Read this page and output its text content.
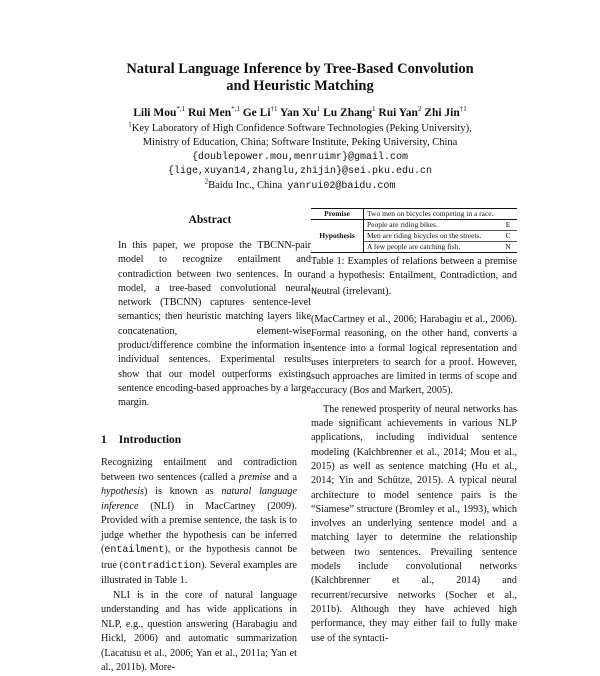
Natural Language Inference by Tree-Based Convolution
and Heuristic Matching
Lili Mou$^{*,1}$ Rui Men$^{*,1}$ Ge Li$^{\dagger 1}$ Yan Xu$^1$ Lu Zhang$^1$ Rui Yan$^2$ Zhi Jin$^{\dagger 1}$
$^1$Key Laboratory of High Confidence Software Technologies (Peking University),
Ministry of Education, China; Software Institute, Peking University, China
{doublepower.mou,menruimr}@gmail.com
{lige,xuyan14,zhanglu,zhijin}@sei.pku.edu.cn
$^2$Baidu Inc., China yanrui02@baidu.com
Abstract
In this paper, we propose the TBCNN-pair model to recognize entailment and contradiction between two sentences. In our model, a tree-based convolutional neural network (TBCNN) captures sentence-level semantics; then heuristic matching layers like concatenation, element-wise product/difference combine the information in individual sentences. Experimental results show that our model outperforms existing sentence encoding-based approaches by a large margin.
1 Introduction

Recognizing entailment and contradiction between two sentences (called a premise and a hypothesis) is known as natural language inference (NLI) in MacCartney (2009). Provided with a premise sentence, the task is to judge whether the hypothesis can be inferred (entailment), or the hypothesis cannot be true (contradiction). Several examples are illustrated in Table 1.

NLI is in the core of natural language understanding and has wide applications in NLP, e.g., question answering (Harabagiu and Hickl, 2006) and automatic summarization (Lacatusu et al., 2006; Yan et al., 2011a; Yan et al., 2011b). More-

Premise	Two men on bicycles competing in a race.	
Hypothesis	People are riding bikes.	E
	Men are riding bicycles on the streets.	C
	A few people are catching fish.	N
Table 1: Examples of relations between a premise and a hypothesis: Entailment, Contradiction, and Neutral (irrelevant).

(MacCartney et al., 2006; Harabagiu et al., 2006). Formal reasoning, on the other hand, converts a sentence into a formal logical representation and uses interpreters to search for a proof. However, such approaches are limited in terms of scope and accuracy (Bos and Markert, 2005).

The renewed prosperity of neural networks has made significant achievements in various NLP applications, including individual sentence modeling (Kalchbrenner et al., 2014; Mou et al., 2015) as well as sentence matching (Hu et al., 2014; Yin and Schütze, 2015). A typical neural architecture to model sentence pairs is the “Siamese” structure (Bromley et al., 1993), which involves an underlying sentence model and a matching layer to determine the relationship between two sentences. Prevailing sentence models include convolutional networks (Kalchbrenner et al., 2014) and recurrent/recursive networks (Socher et al., 2011b). Although they have achieved high performance, they may either fail to fully make use of the syntacti-
